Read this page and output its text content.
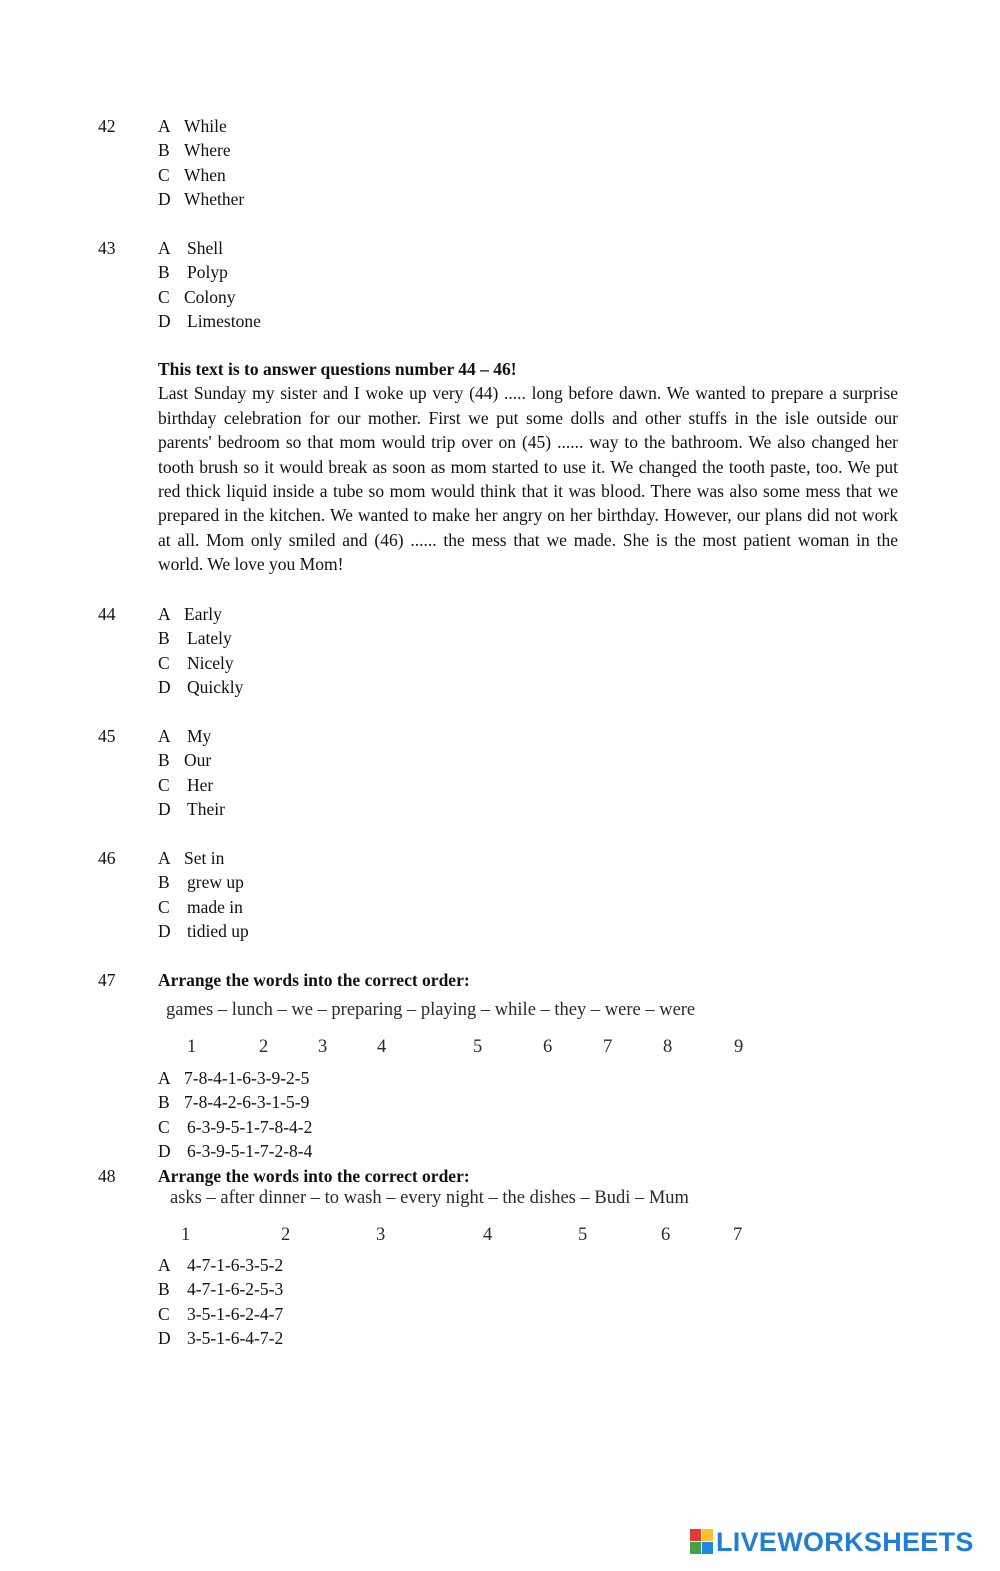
42 A While
B Where
C When
D Whether
43 A Shell
B Polyp
C Colony
D Limestone
This text is to answer questions number 44 – 46!
Last Sunday my sister and I woke up very (44) ..... long before dawn. We wanted to prepare a surprise birthday celebration for our mother. First we put some dolls and other stuffs in the isle outside our parents' bedroom so that mom would trip over on (45) ...... way to the bathroom. We also changed her tooth brush so it would break as soon as mom started to use it. We changed the tooth paste, too. We put red thick liquid inside a tube so mom would think that it was blood. There was also some mess that we prepared in the kitchen. We wanted to make her angry on her birthday. However, our plans did not work at all. Mom only smiled and (46) ...... the mess that we made. She is the most patient woman in the world. We love you Mom!
44 A Early
B Lately
C Nicely
D Quickly
45 A My
B Our
C Her
D Their
46 A Set in
B grew up
C made in
D tidied up
47 Arrange the words into the correct order:
games – lunch – we – preparing – playing – while – they – were – were
1	2	3	4	5	6	7	8	9
A 7-8-4-1-6-3-9-2-5
B 7-8-4-2-6-3-1-5-9
C 6-3-9-5-1-7-8-4-2
D 6-3-9-5-1-7-2-8-4
48 Arrange the words into the correct order:
asks – after dinner – to wash – every night – the dishes – Budi – Mum
1	2	3	4	5	6	7
A 4-7-1-6-3-5-2
B 4-7-1-6-2-5-3
C 3-5-1-6-2-4-7
D 3-5-1-6-4-7-2
LIVEWORKSHEETS
